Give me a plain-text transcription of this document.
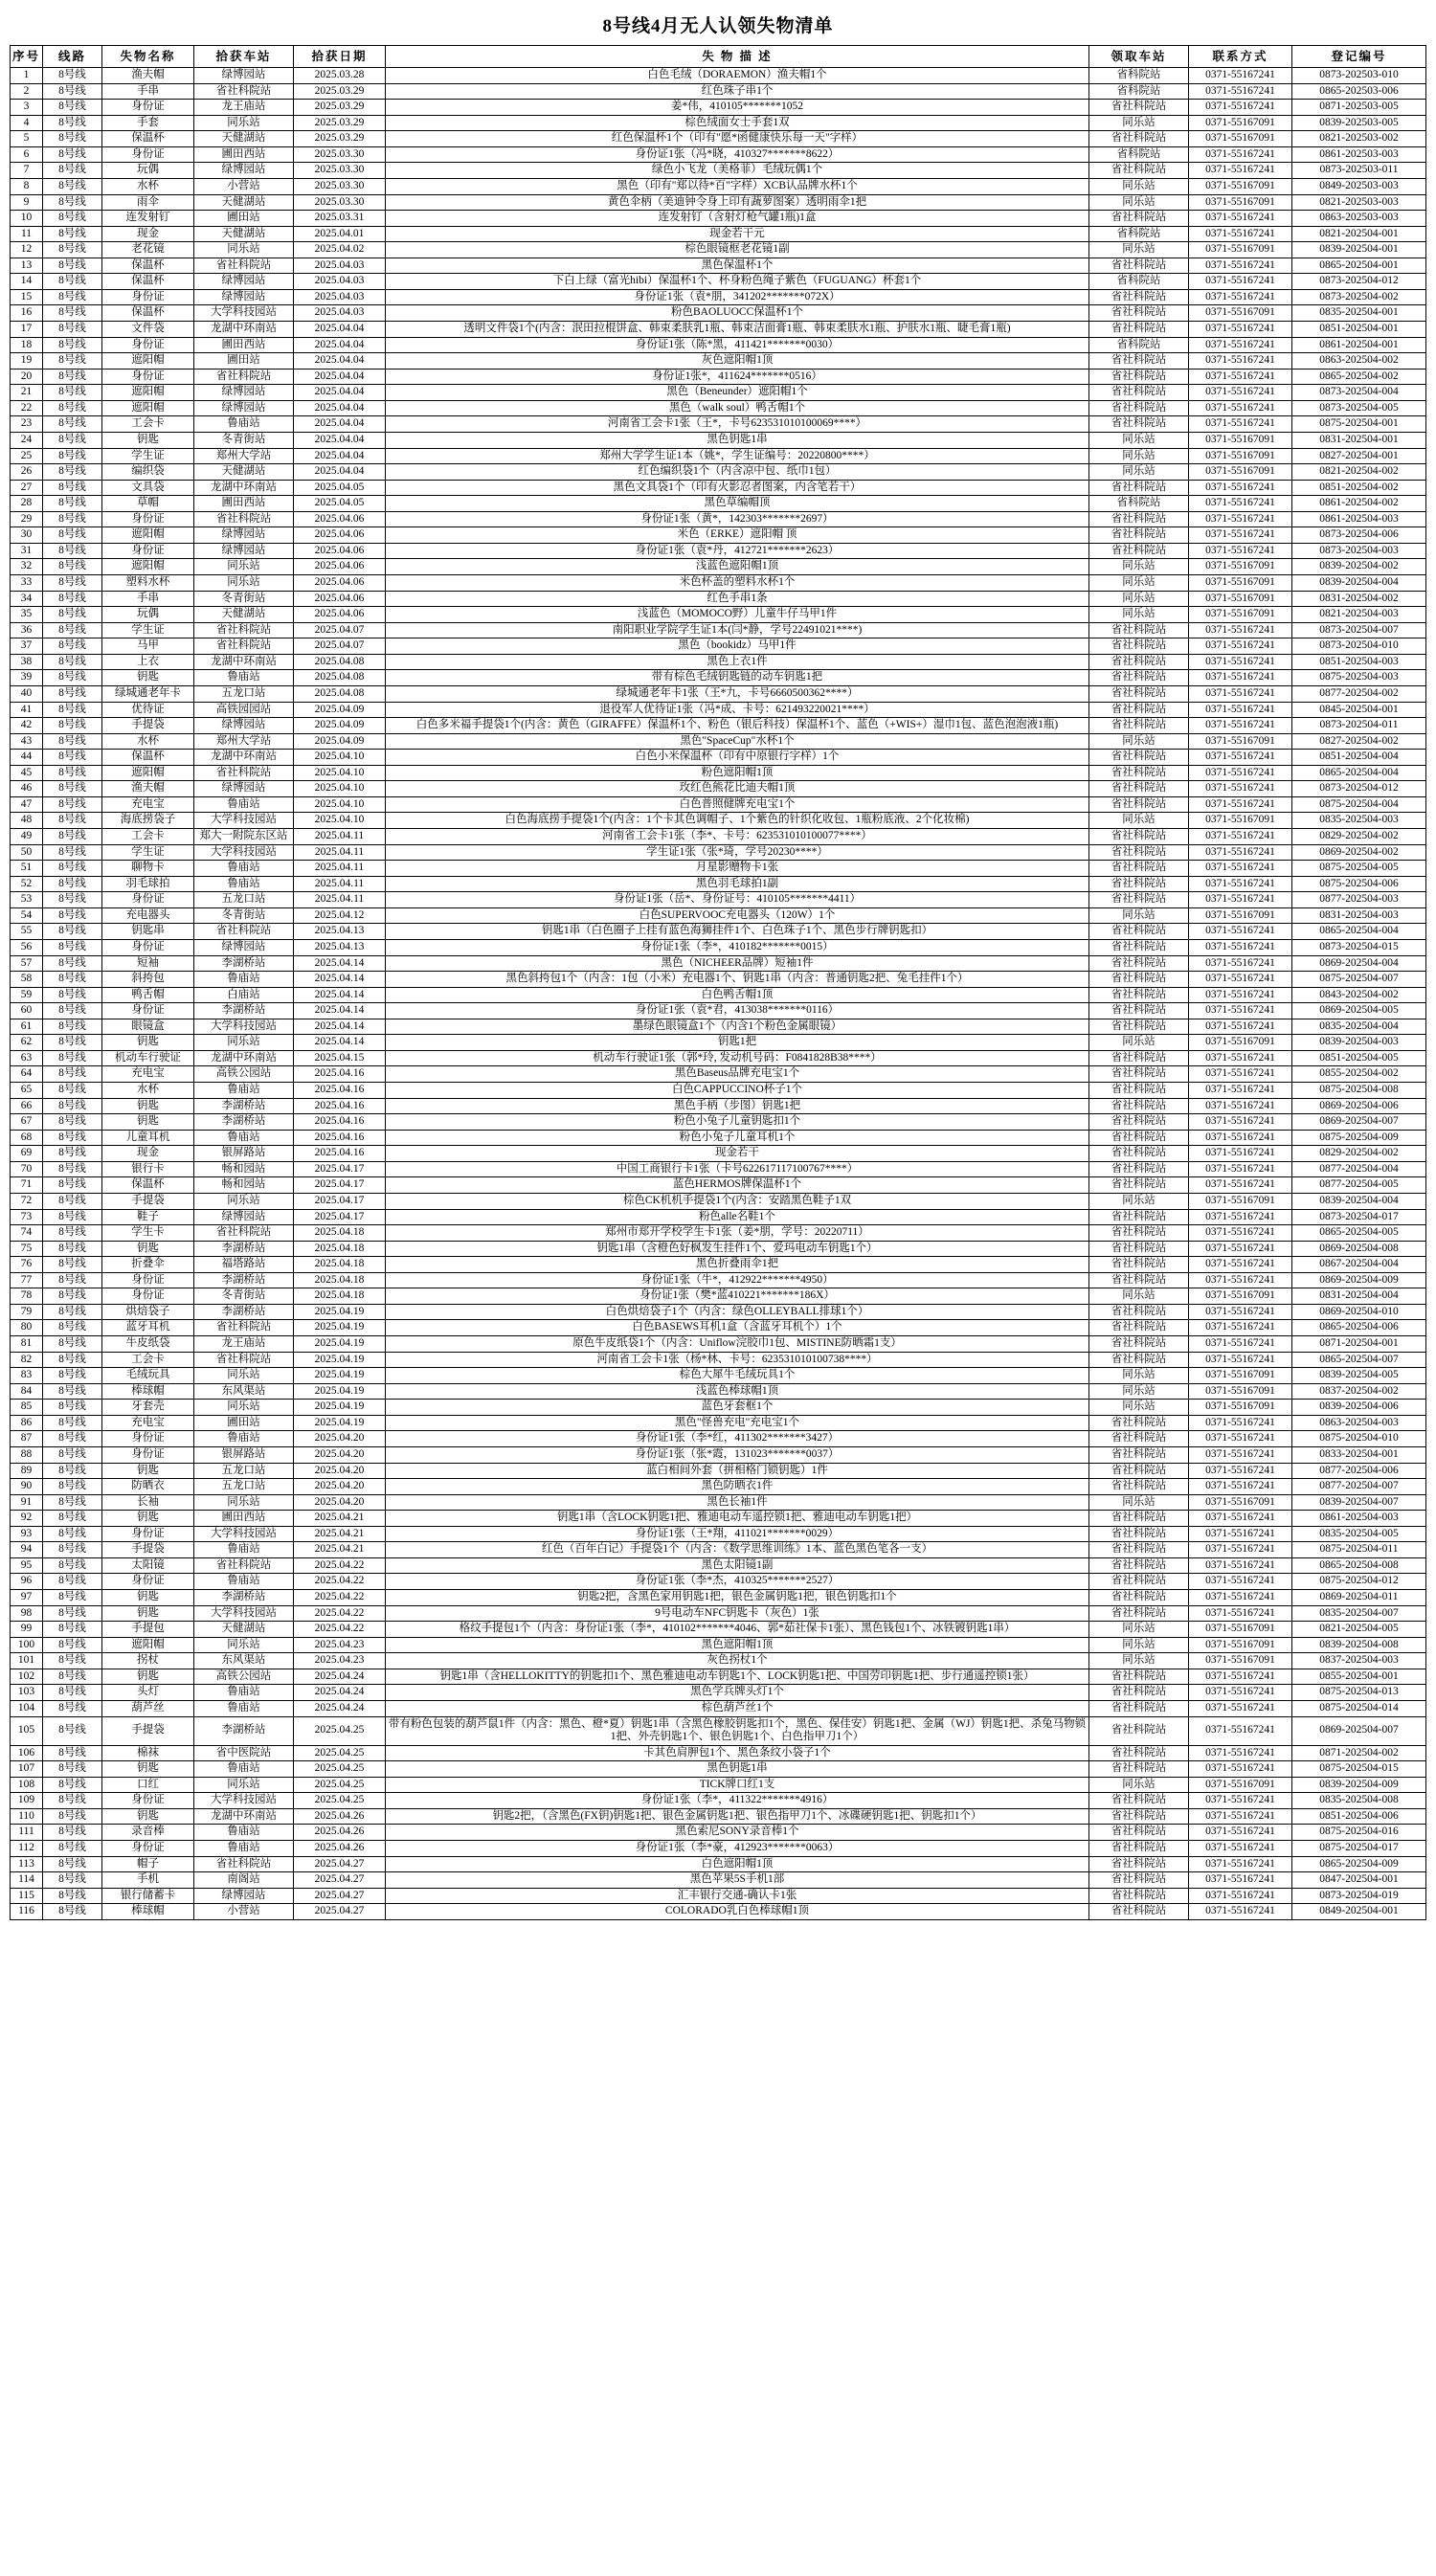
8号线4月无人认领失物清单
序号	线路	失物名称	拾获车站	拾获日期	失 物 描 述	领取车站	联系方式	登记编号
1	8号线	渔夫帽	绿博园站	2025.03.28	白色毛绒（DORAEMON）渔夫帽1个	省科院站	0371-55167241	0873-202503-010
2	8号线	手串	省社科院站	2025.03.29	红色珠子串1个	省科院站	0371-55167241	0865-202503-006
3	8号线	身份证	龙王庙站	2025.03.29	姜*伟，410105*******1052	省社科院站	0371-55167241	0871-202503-005
4	8号线	手套	同乐站	2025.03.29	棕色绒面女士手套1双	同乐站	0371-55167091	0839-202503-005
5	8号线	保温杯	天健湖站	2025.03.29	红色保温杯1个（印有"愿*函健康快乐每一天"字样）	省社科院站	0371-55167091	0821-202503-002
6	8号线	身份证	圃田西站	2025.03.30	身份证1张（冯*晓，410327*******8622）	省科院站	0371-55167241	0861-202503-003
7	8号线	玩偶	绿博园站	2025.03.30	绿色小飞龙（美格菲）毛绒玩偶1个	省社科院站	0371-55167241	0873-202503-011
8	8号线	水杯	小营站	2025.03.30	黑色（印有"郑以待*百"字样）XCB认品牌水杯1个	同乐站	0371-55167091	0849-202503-003
9	8号线	雨伞	天健湖站	2025.03.30	黄色伞柄（美迪钟令身上印有蔬萝图案）透明雨伞1把	同乐站	0371-55167091	0821-202503-003
10	8号线	连发射钉	圃田站	2025.03.31	连发射钉（含射灯枪气罐1瓶)1盒	省社科院站	0371-55167241	0863-202503-003
11	8号线	现金	天健湖站	2025.04.01	现金若干元	省科院站	0371-55167241	0821-202504-001
12	8号线	老花镜	同乐站	2025.04.02	棕色眼镜框老花镜1副	同乐站	0371-55167091	0839-202504-001
13	8号线	保温杯	省社科院站	2025.04.03	黑色保温杯1个	省社科院站	0371-55167241	0865-202504-001
14	8号线	保温杯	绿博园站	2025.04.03	下白上绿（富光hibi）保温杯1个、杯身粉色绳子紫色（FUGUANG）杯套1个	省科院站	0371-55167241	0873-202504-012
15	8号线	身份证	绿博园站	2025.04.03	身份证1张（袁*朋，341202*******072X）	省社科院站	0371-55167241	0873-202504-002
16	8号线	保温杯	大学科技园站	2025.04.03	粉色BAOLUOCC保温杯1个	省社科院站	0371-55167091	0835-202504-001
17	8号线	文件袋	龙湖中环南站	2025.04.04	透明文件袋1个(内含：泯田拉棍饼盒、韩束柔肤乳1瓶、韩束洁面膏1瓶、韩束柔肤水1瓶、护肤水1瓶、睫毛膏1瓶)	省社科院站	0371-55167241	0851-202504-001
18	8号线	身份证	圃田西站	2025.04.04	身份证1张（陈*黑，411421*******0030）	省科院站	0371-55167241	0861-202504-001
19	8号线	遮阳帽	圃田站	2025.04.04	灰色遮阳帽1顶	省社科院站	0371-55167241	0863-202504-002
20	8号线	身份证	省社科院站	2025.04.04	身份证1张*，411624*******0516）	省社科院站	0371-55167241	0865-202504-002
21	8号线	遮阳帽	绿博园站	2025.04.04	黑色（Beneunder）遮阳帽1个	省社科院站	0371-55167241	0873-202504-004
22	8号线	遮阳帽	绿博园站	2025.04.04	黑色（walk soul）鸭舌帽1个	省社科院站	0371-55167241	0873-202504-005
23	8号线	工会卡	鲁庙站	2025.04.04	河南省工会卡1张（王*，卡号623531010100069****）	省社科院站	0371-55167241	0875-202504-001
24	8号线	钥匙	冬青街站	2025.04.04	黑色钥匙1串	同乐站	0371-55167091	0831-202504-001
25	8号线	学生证	郑州大学站	2025.04.04	郑州大学学生证1本（姚*，学生证编号：20220800****）	同乐站	0371-55167091	0827-202504-001
26	8号线	编织袋	天健湖站	2025.04.04	红色编织袋1个（内含凉中包、纸巾1包）	同乐站	0371-55167091	0821-202504-002
27	8号线	文具袋	龙湖中环南站	2025.04.05	黑色文具袋1个（印有火影忍者图案，内含笔若干）	省社科院站	0371-55167241	0851-202504-002
28	8号线	草帽	圃田西站	2025.04.05	黑色草编帽顶	省科院站	0371-55167241	0861-202504-002
29	8号线	身份证	省社科院站	2025.04.06	身份证1张（黄*，142303*******2697）	省社科院站	0371-55167241	0861-202504-003
30	8号线	遮阳帽	绿博园站	2025.04.06	米色（ERKE）遮阳帽 顶	省社科院站	0371-55167241	0873-202504-006
31	8号线	身份证	绿博园站	2025.04.06	身份证1张（袁*丹，412721*******2623）	省社科院站	0371-55167241	0873-202504-003
32	8号线	遮阳帽	同乐站	2025.04.06	浅蓝色遮阳帽1顶	同乐站	0371-55167091	0839-202504-002
33	8号线	塑料水杯	同乐站	2025.04.06	米色杯盖的塑料水杯1个	同乐站	0371-55167091	0839-202504-004
34	8号线	手串	冬青街站	2025.04.06	红色手串1条	同乐站	0371-55167091	0831-202504-002
35	8号线	玩偶	天健湖站	2025.04.06	浅蓝色（MOMOCO野）儿童牛仔马甲1件	同乐站	0371-55167091	0821-202504-003
36	8号线	学生证	省社科院站	2025.04.07	南阳职业学院学生证1本(闫*静，学号22491021****)	省社科院站	0371-55167241	0873-202504-007
37	8号线	马甲	省社科院站	2025.04.07	黑色（bookidz）马甲1件	省社科院站	0371-55167241	0873-202504-010
38	8号线	上衣	龙湖中环南站	2025.04.08	黑色上衣1件	省社科院站	0371-55167241	0851-202504-003
39	8号线	钥匙	鲁庙站	2025.04.08	带有棕色毛绒钥匙链的动车钥匙1把	省社科院站	0371-55167241	0875-202504-003
40	8号线	绿城通老年卡	五龙口站	2025.04.08	绿城通老年卡1张（王*九，卡号6660500362****）	省社科院站	0371-55167241	0877-202504-002
41	8号线	优待证	高铁园园站	2025.04.09	退役军人优待证1张（冯*成、卡号：621493220021****）	省社科院站	0371-55167241	0845-202504-001
42	8号线	手提袋	绿博园站	2025.04.09	白色多米福手提袋1个(内含：黄色（GIRAFFE）保温杯1个、粉色（银后科技）保温杯1个、蓝色（+WIS+）湿巾1包、蓝色泡泡液1瓶)	省社科院站	0371-55167241	0873-202504-011
43	8号线	水杯	郑州大学站	2025.04.09	黑色"SpaceCup"水杯1个	同乐站	0371-55167091	0827-202504-002
44	8号线	保温杯	龙湖中环南站	2025.04.10	白色小米保温杯（印有中原银行字样）1个	省社科院站	0371-55167241	0851-202504-004
45	8号线	遮阳帽	省社科院站	2025.04.10	粉色遮阳帽1顶	省社科院站	0371-55167241	0865-202504-004
46	8号线	渔夫帽	绿博园站	2025.04.10	玫红色熊花比迪夫帽1顶	省社科院站	0371-55167241	0873-202504-012
47	8号线	充电宝	鲁庙站	2025.04.10	白色普照健牌充电宝1个	省社科院站	0371-55167241	0875-202504-004
48	8号线	海底捞袋子	大学科技园站	2025.04.10	白色海底捞手提袋1个(内含：1个卡其色调帽子、1个紫色的针织化收包、1瓶粉底液、2个化妆棉)	同乐站	0371-55167091	0835-202504-003
49	8号线	工会卡	郑大一附院东区站	2025.04.11	河南省工会卡1张（李*、卡号：623531010100077****）	省社科院站	0371-55167241	0829-202504-002
50	8号线	学生证	大学科技园站	2025.04.11	学生证1张（张*琦，学号20230****）	省社科院站	0371-55167241	0869-202504-002
51	8号线	聊物卡	鲁庙站	2025.04.11	月星影赠物卡1张	省社科院站	0371-55167241	0875-202504-005
52	8号线	羽毛球拍	鲁庙站	2025.04.11	黑色羽毛球拍1副	省社科院站	0371-55167241	0875-202504-006
53	8号线	身份证	五龙口站	2025.04.11	身份证1张（岳*、身份证号：410105*******4411）	省社科院站	0371-55167241	0877-202504-003
54	8号线	充电器头	冬青街站	2025.04.12	白色SUPERVOOC充电器头（120W）1个	同乐站	0371-55167091	0831-202504-003
55	8号线	钥匙串	省社科院站	2025.04.13	钥匙1串（白色圈子上挂有蓝色海狮挂件1个、白色珠子1个、黑色步行牌钥匙扣）	省社科院站	0371-55167241	0865-202504-004
56	8号线	身份证	绿博园站	2025.04.13	身份证1张（李*，410182*******0015）	省社科院站	0371-55167241	0873-202504-015
57	8号线	短袖	李湖桥站	2025.04.14	黑色（NICHEER品牌）短袖1件	省社科院站	0371-55167241	0869-202504-004
58	8号线	斜挎包	鲁庙站	2025.04.14	黑色斜挎包1个（内含：1包（小米）充电器1个、钥匙1串（内含：普通钥匙2把、兔毛挂件1个）	省社科院站	0371-55167241	0875-202504-007
59	8号线	鸭舌帽	白庙站	2025.04.14	白色鸭舌帽1顶	省社科院站	0371-55167241	0843-202504-002
60	8号线	身份证	李湖桥站	2025.04.14	身份证1张（袁*君，413038*******0116）	省社科院站	0371-55167241	0869-202504-005
61	8号线	眼镜盒	大学科技园站	2025.04.14	墨绿色眼镜盒1个（内含1个粉色金属眼镜）	省社科院站	0371-55167241	0835-202504-004
62	8号线	钥匙	同乐站	2025.04.14	钥匙1把	同乐站	0371-55167091	0839-202504-003
63	8号线	机动车行驶证	龙湖中环南站	2025.04.15	机动车行驶证1张（郭*玲, 发动机号码：F0841828B38****）	省社科院站	0371-55167241	0851-202504-005
64	8号线	充电宝	高铁公园站	2025.04.16	黑色Baseus品牌充电宝1个	省社科院站	0371-55167241	0855-202504-002
65	8号线	水杯	鲁庙站	2025.04.16	白色CAPPUCCINO杯子1个	省社科院站	0371-55167241	0875-202504-008
66	8号线	钥匙	李湖桥站	2025.04.16	黑色手柄（步图）钥匙1把	省社科院站	0371-55167241	0869-202504-006
67	8号线	钥匙	李湖桥站	2025.04.16	粉色小兔子儿童钥匙扣1个	省社科院站	0371-55167241	0869-202504-007
68	8号线	儿童耳机	鲁庙站	2025.04.16	粉色小兔子儿童耳机1个	省社科院站	0371-55167241	0875-202504-009
69	8号线	现金	银屏路站	2025.04.16	现金若干	省社科院站	0371-55167241	0829-202504-002
70	8号线	银行卡	畅和园站	2025.04.17	中国工商银行卡1张（卡号622617117100767****）	省社科院站	0371-55167241	0877-202504-004
71	8号线	保温杯	畅和园站	2025.04.17	蓝色HERMOS牌保温杯1个	省社科院站	0371-55167241	0877-202504-005
72	8号线	手提袋	同乐站	2025.04.17	棕色CK机机手提袋1个(内含：安踏黑色鞋子1双	同乐站	0371-55167091	0839-202504-004
73	8号线	鞋子	绿博园站	2025.04.17	粉色alle名鞋1个	省社科院站	0371-55167241	0873-202504-017
74	8号线	学生卡	省社科院站	2025.04.18	郑州市郑开学校学生卡1张（姜*朋，学号：20220711）	省社科院站	0371-55167241	0865-202504-005
75	8号线	钥匙	李湖桥站	2025.04.18	钥匙1串（含橙色好枫发生挂件1个、爱玛电动车钥匙1个）	省社科院站	0371-55167241	0869-202504-008
76	8号线	折叠伞	福塔路站	2025.04.18	黑色折叠雨伞1把	省社科院站	0371-55167241	0867-202504-004
77	8号线	身份证	李湖桥站	2025.04.18	身份证1张（牛*，412922*******4950）	省社科院站	0371-55167241	0869-202504-009
78	8号线	身份证	冬青街站	2025.04.18	身份证1张（樊*蓝410221*******186X）	同乐站	0371-55167091	0831-202504-004
79	8号线	烘焙袋子	李湖桥站	2025.04.19	白色烘焙袋子1个（内含：绿色OLLEYBALL排球1个）	省社科院站	0371-55167241	0869-202504-010
80	8号线	蓝牙耳机	省社科院站	2025.04.19	白色BASEWS耳机1盒（含蓝牙耳机个）1个	省社科院站	0371-55167241	0865-202504-006
81	8号线	牛皮纸袋	龙王庙站	2025.04.19	原色牛皮纸袋1个（内含：Uniflow浣胶巾1包、MISTINE防晒霜1支）	省社科院站	0371-55167241	0871-202504-001
82	8号线	工会卡	省社科院站	2025.04.19	河南省工会卡1张（杨*林、卡号：623531010100738****）	省社科院站	0371-55167241	0865-202504-007
83	8号线	毛绒玩具	同乐站	2025.04.19	棕色大犀牛毛绒玩具1个	同乐站	0371-55167091	0839-202504-005
84	8号线	棒球帽	东风渠站	2025.04.19	浅蓝色棒球帽1顶	同乐站	0371-55167091	0837-202504-002
85	8号线	牙套壳	同乐站	2025.04.19	蓝色牙套框1个	同乐站	0371-55167091	0839-202504-006
86	8号线	充电宝	圃田站	2025.04.19	黑色"怪兽充电"充电宝1个	省社科院站	0371-55167241	0863-202504-003
87	8号线	身份证	鲁庙站	2025.04.20	身份证1张（李*红，411302*******3427）	省社科院站	0371-55167241	0875-202504-010
88	8号线	身份证	银屏路站	2025.04.20	身份证1张（张*霞，131023*******0037）	省社科院站	0371-55167241	0833-202504-001
89	8号线	钥匙	五龙口站	2025.04.20	蓝白相间外套（拼相格门锁钥匙）1件	省社科院站	0371-55167241	0877-202504-006
90	8号线	防晒衣	五龙口站	2025.04.20	黑色防晒衣1件	省社科院站	0371-55167241	0877-202504-007
91	8号线	长袖	同乐站	2025.04.20	黑色长袖1件	同乐站	0371-55167091	0839-202504-007
92	8号线	钥匙	圃田西站	2025.04.21	钥匙1串（含LOCK钥匙1把、雅迪电动车遥控锁1把、雅迪电动车钥匙1把）	省社科院站	0371-55167241	0861-202504-003
93	8号线	身份证	大学科技园站	2025.04.21	身份证1张（王*翔，411021*******0029）	省社科院站	0371-55167241	0835-202504-005
94	8号线	手提袋	鲁庙站	2025.04.21	红色（百年白记）手提袋1个（内含：《数学思维训练》1本、蓝色黑色笔各一支）	省社科院站	0371-55167241	0875-202504-011
95	8号线	太阳镜	省社科院站	2025.04.22	黑色太阳镜1副	省社科院站	0371-55167241	0865-202504-008
96	8号线	身份证	鲁庙站	2025.04.22	身份证1张（李*杰，410325*******2527）	省社科院站	0371-55167241	0875-202504-012
97	8号线	钥匙	李湖桥站	2025.04.22	钥匙2把，含黑色家用钥匙1把，银色金属钥匙1把，银色钥匙扣1个	省社科院站	0371-55167241	0869-202504-011
98	8号线	钥匙	大学科技园站	2025.04.22	9号电动车NFC钥匙卡（灰色）1张	省社科院站	0371-55167241	0835-202504-007
99	8号线	手提包	天健湖站	2025.04.22	格纹手提包1个（内含：身份证1张（李*，410102*******4046、郭*茹社保卡1张）、黑色钱包1个、冰铁镀钥匙1串）	同乐站	0371-55167091	0821-202504-005
100	8号线	遮阳帽	同乐站	2025.04.23	黑色遮阳帽1顶	同乐站	0371-55167091	0839-202504-008
101	8号线	拐杖	东风渠站	2025.04.23	灰色拐杖1个	同乐站	0371-55167091	0837-202504-003
102	8号线	钥匙	高铁公园站	2025.04.24	钥匙1串（含HELLOKITTY的钥匙扣1个、黑色雅迪电动车钥匙1个、LOCK钥匙1把、中国劳印钥匙1把、步行通遥控锁1张）	省社科院站	0371-55167241	0855-202504-001
103	8号线	头灯	鲁庙站	2025.04.24	黑色学兵牌头灯1个	省社科院站	0371-55167241	0875-202504-013
104	8号线	葫芦丝	鲁庙站	2025.04.24	棕色葫芦丝1个	省社科院站	0371-55167241	0875-202504-014
105	8号线	手提袋	李湖桥站	2025.04.25	带有粉色包装的葫芦鼠1件（内含：黑色、橙*夏）钥匙1串（含黑色橡胶钥匙扣1个，黑色、保佳安）钥匙1把、金属（WJ）钥匙1把、杀兔马物锁1把、外壳钥匙1个、银色钥匙1个、白色指甲刀1个）	省社科院站	0371-55167241	0869-202504-007
106	8号线	棉袜	省中医院站	2025.04.25	卡其色肩胛包1个、黑色条纹小袋子1个	省社科院站	0371-55167241	0871-202504-002
107	8号线	钥匙	鲁庙站	2025.04.25	黑色钥匙1串	省社科院站	0371-55167241	0875-202504-015
108	8号线	口红	同乐站	2025.04.25	TICK牌口红1支	同乐站	0371-55167091	0839-202504-009
109	8号线	身份证	大学科技园站	2025.04.25	身份证1张（李*，411322*******4916）	省社科院站	0371-55167241	0835-202504-008
110	8号线	钥匙	龙湖中环南站	2025.04.26	钥匙2把，（含黑色(FX钥)钥匙1把、银色金属钥匙1把、银色指甲刀1个、冰碟硬钥匙1把、钥匙扣1个）	省社科院站	0371-55167241	0851-202504-006
111	8号线	录音棒	鲁庙站	2025.04.26	黑色索尼SONY录音棒1个	省社科院站	0371-55167241	0875-202504-016
112	8号线	身份证	鲁庙站	2025.04.26	身份证1张（李*豪，412923*******0063）	省社科院站	0371-55167241	0875-202504-017
113	8号线	帽子	省社科院站	2025.04.27	白色遮阳帽1顶	省社科院站	0371-55167241	0865-202504-009
114	8号线	手机	南阁站	2025.04.27	黑色苹果5S手机1部	省社科院站	0371-55167241	0847-202504-001
115	8号线	银行储蓄卡	绿博园站	2025.04.27	汇丰银行交通-确认卡1张	省社科院站	0371-55167241	0873-202504-019
116	8号线	棒球帽	小营站	2025.04.27	COLORADO乳白色棒球帽1顶	省社科院站	0371-55167241	0849-202504-001
